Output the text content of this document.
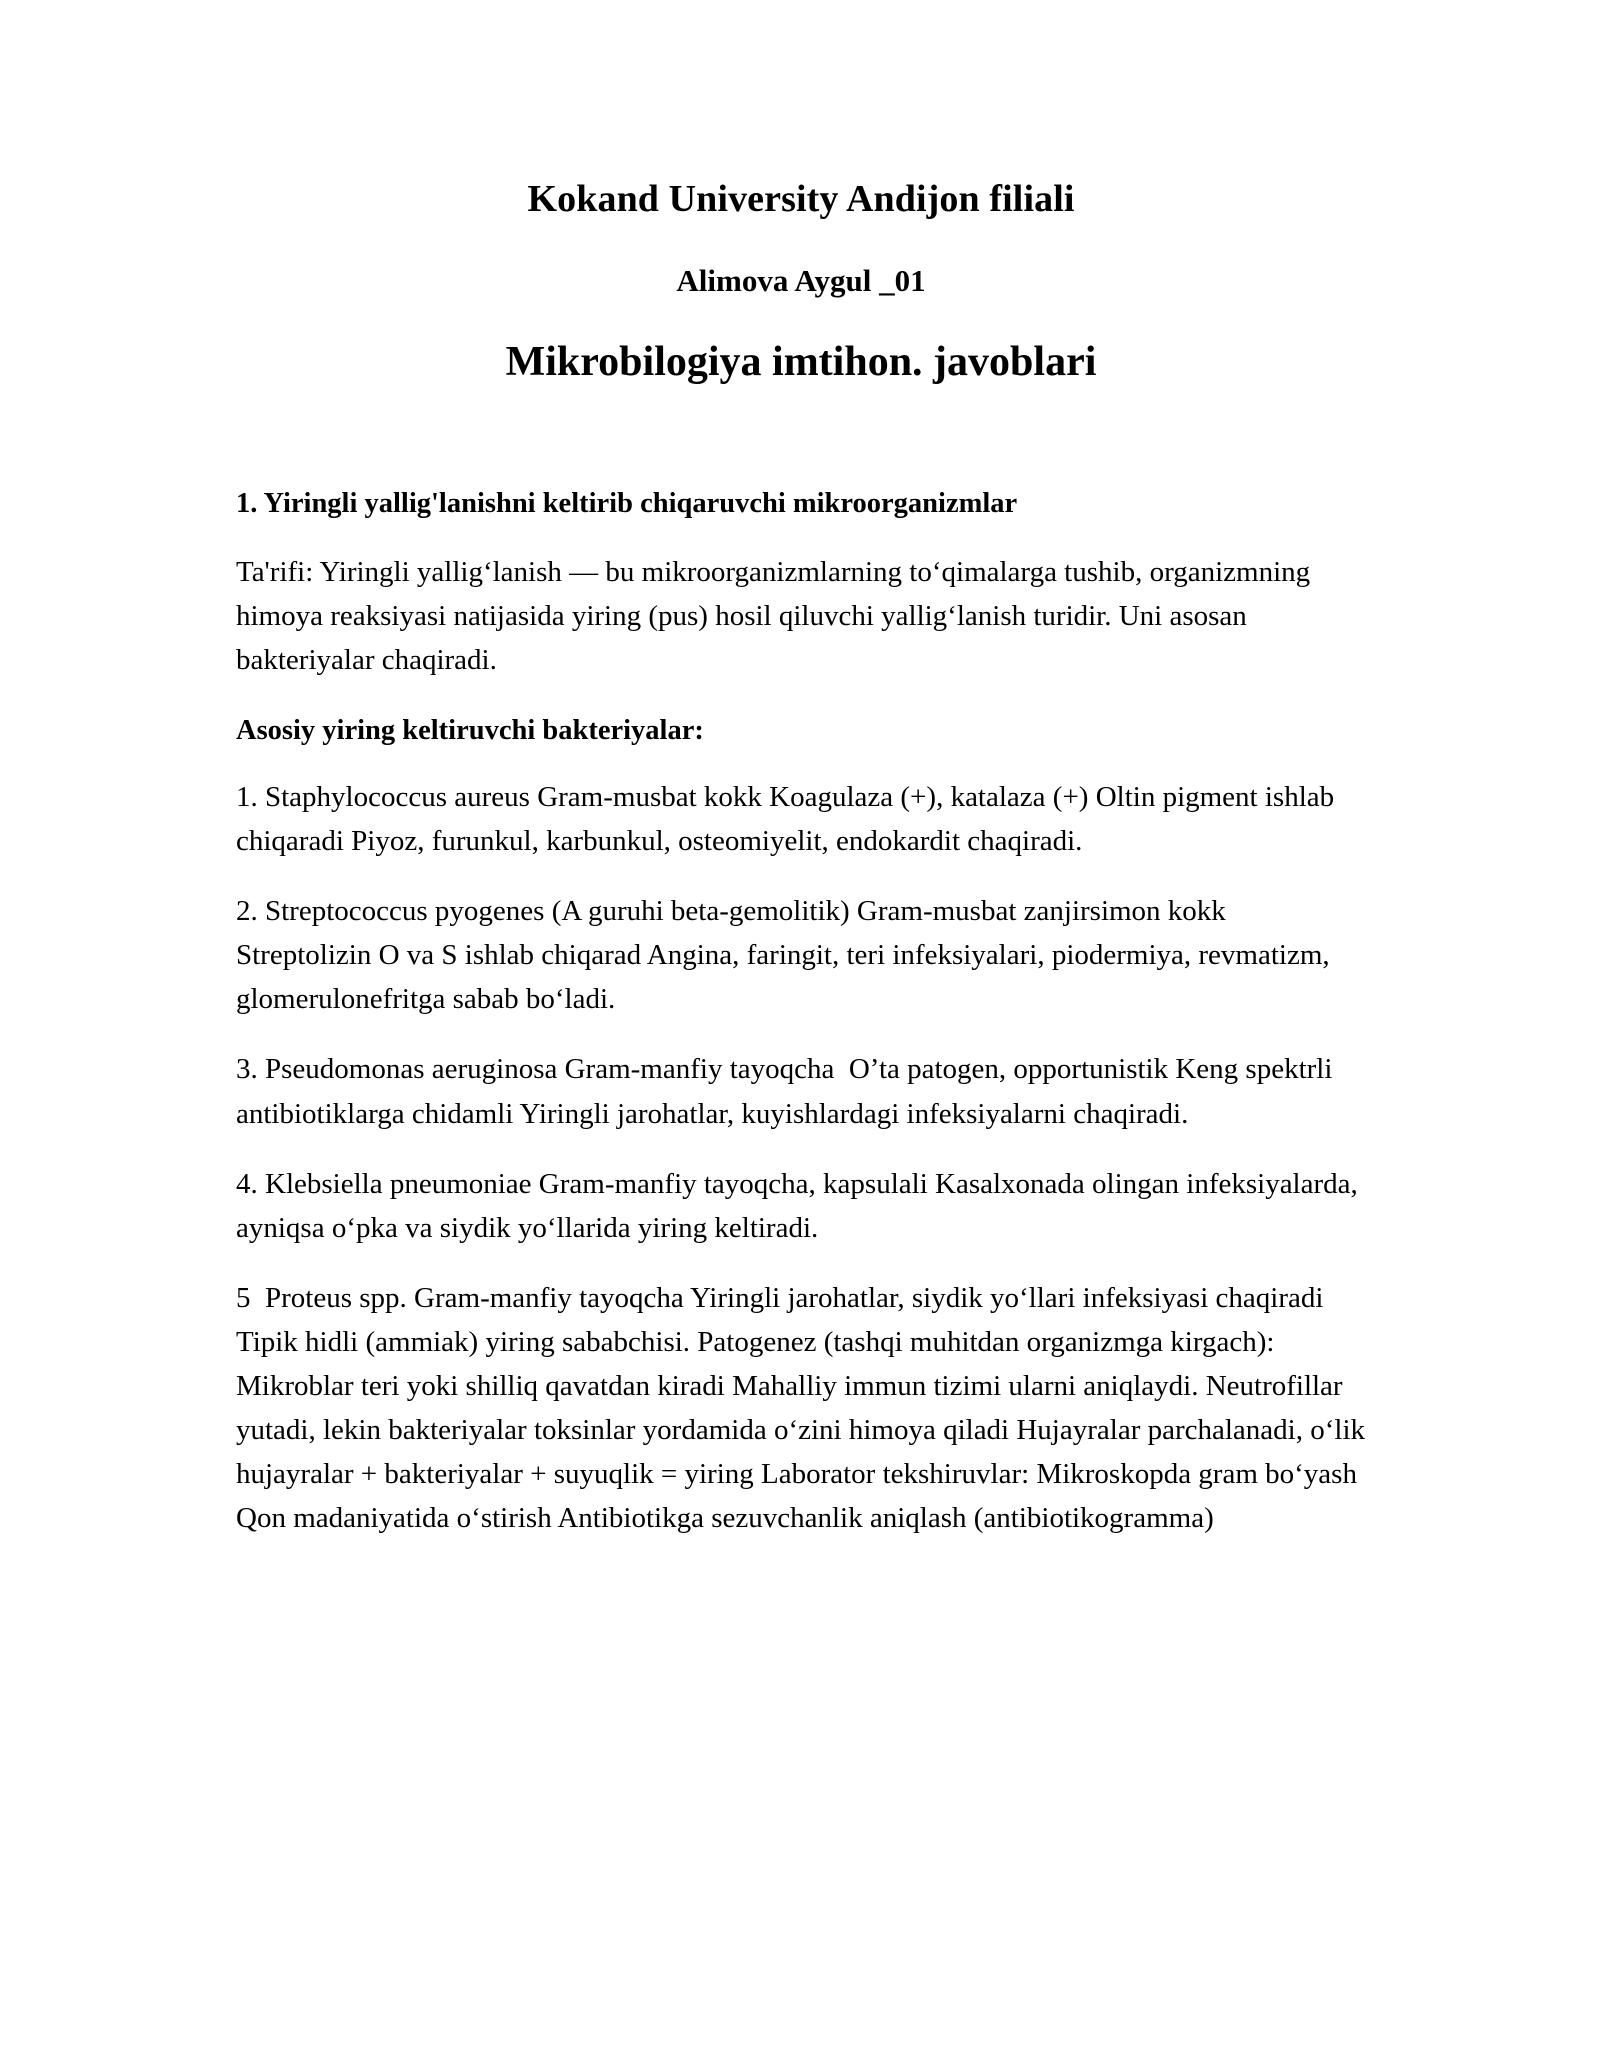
Kokand University Andijon filiali
Alimova Aygul _01
Mikrobilogiya imtihon. javoblari
1. Yiringli yallig'lanishni keltirib chiqaruvchi mikroorganizmlar

Ta'rifi: Yiringli yallig‘lanish — bu mikroorganizmlarning to‘qimalarga tushib, organizmning himoya reaksiyasi natijasida yiring (pus) hosil qiluvchi yallig‘lanish turidir. Uni asosan bakteriyalar chaqiradi.

Asosiy yiring keltiruvchi bakteriyalar:

1. Staphylococcus aureus Gram-musbat kokk Koagulaza (+), katalaza (+) Oltin pigment ishlab chiqaradi Piyoz, furunkul, karbunkul, osteomiyelit, endokardit chaqiradi.

2. Streptococcus pyogenes (A guruhi beta-gemolitik) Gram-musbat zanjirsimon kokk Streptolizin O va S ishlab chiqarad Angina, faringit, teri infeksiyalari, piodermiya, revmatizm, glomerulonefritga sabab bo‘ladi.

3. Pseudomonas aeruginosa Gram-manfiy tayoqcha  O’ta patogen, opportunistik Keng spektrli antibiotiklarga chidamli Yiringli jarohatlar, kuyishlardagi infeksiyalarni chaqiradi.

4. Klebsiella pneumoniae Gram-manfiy tayoqcha, kapsulali Kasalxonada olingan infeksiyalarda, ayniqsa o‘pka va siydik yo‘llarida yiring keltiradi.

5  Proteus spp. Gram-manfiy tayoqcha Yiringli jarohatlar, siydik yo‘llari infeksiyasi chaqiradi Tipik hidli (ammiak) yiring sababchisi. Patogenez (tashqi muhitdan organizmga kirgach): Mikroblar teri yoki shilliq qavatdan kiradi Mahalliy immun tizimi ularni aniqlaydi. Neutrofillar yutadi, lekin bakteriyalar toksinlar yordamida o‘zini himoya qiladi Hujayralar parchalanadi, o‘lik hujayralar + bakteriyalar + suyuqlik = yiring Laborator tekshiruvlar: Mikroskopda gram bo‘yash Qon madaniyatida o‘stirish Antibiotikga sezuvchanlik aniqlash (antibiotikogramma)
